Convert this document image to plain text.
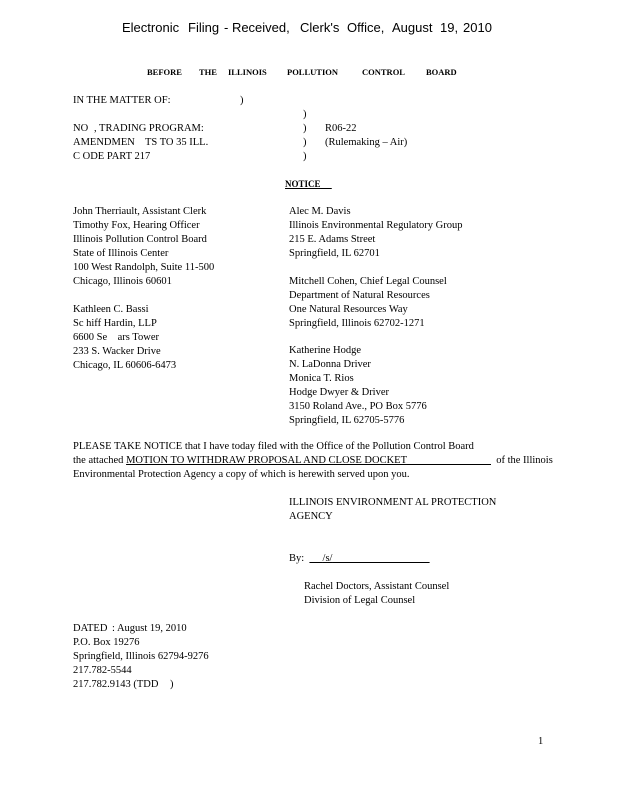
Electronic Filing - Received, Clerk's Office, August 19, 2010
BEFORE THE ILLINOIS POLLUTION	CONTROL BOARD
IN THE MATTER OF:	)
)
NO , TRADING PROGRAM:	) R06-22
AMENDMEN TS TO 35 ILL.	) (Rulemaking – Air)
C ODE PART 217	)
NOTICE
John Therriault, Assistant Clerk
Timothy Fox, Hearing Officer
Illinois Pollution Control Board
State of Illinois Center
100 West Randolph, Suite 11-500
Chicago, Illinois 60601
Kathleen C. Bassi
Sc hiff Hardin, LLP
6600 Se    ars Tower
233 S. Wacker Drive
Chicago, IL 60606-6473
Alec M. Davis
Illinois Environmental Regulatory Group
215 E. Adams Street
Springfield, IL 62701
Mitchell Cohen, Chief Legal Counsel
Department of Natural Resources
One Natural Resources Way
Springfield, Illinois 62702-1271
Katherine Hodge
N. LaDonna Driver
Monica T. Rios
Hodge Dwyer & Driver
3150 Roland Ave., PO Box 5776
Springfield, IL 62705-5776
PLEASE TAKE NOTICE that I have today filed with the Office of the Pollution Control Board
the attached MOTION TO WITHDRAW PROPOSAL AND CLOSE DOCKET	of the Illinois
Environmental Protection Agency a copy of which is herewith served upon you.
ILLINOIS ENVIRONMENT AL PROTECTION
AGENCY
By: /s/
Rachel Doctors, Assistant Counsel
Division of Legal Counsel
DATED : August 19, 2010
P.O. Box 19276
Springfield, Illinois 62794-9276
217.782-5544
217.782.9143 (TDD )
1
